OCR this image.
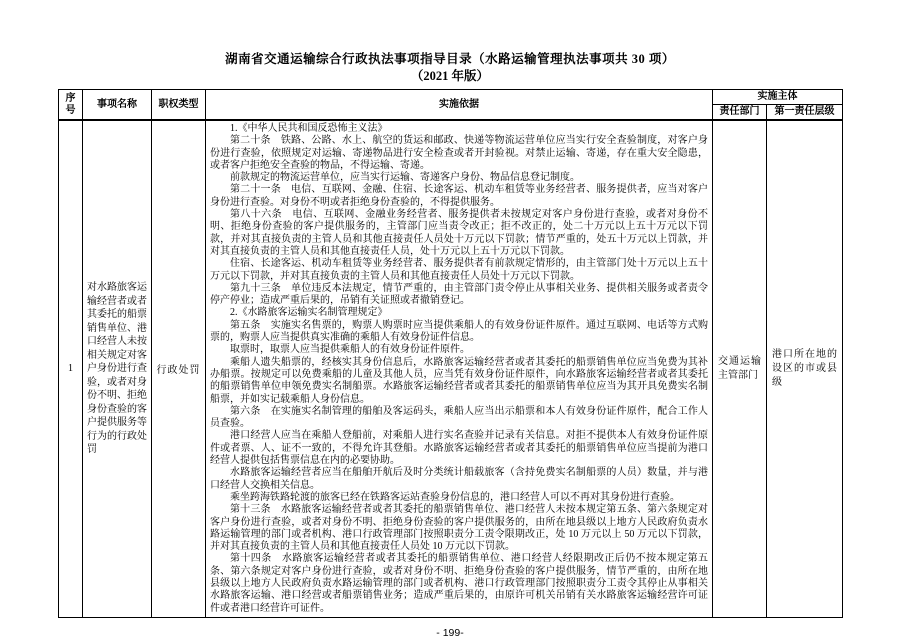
湖南省交通运输综合行政执法事项指导目录（水路运输管理执法事项共 30 项）
（2021 年版）
序号	事项名称	职权类型	实施依据	实施主体	
				责任部门	第一责任层级
1	对水路旅客运输经营者或者其委托的船票销售单位、港口经营人未按相关规定对客户身份进行查验，或者对身份不明、拒绝身份查验的客户提供服务等行为的行政处罚	行政处罚	

1.《中华人民共和国反恐怖主义法》

第二十条　铁路、公路、水上、航空的货运和邮政、快递等物流运营单位应当实行安全查验制度，对客户身份进行查验，依照规定对运输、寄递物品进行安全检查或者开封验视。对禁止运输、寄递，存在重大安全隐患，或者客户拒绝安全查验的物品，不得运输、寄递。

前款规定的物流运营单位，应当实行运输、寄递客户身份、物品信息登记制度。

第二十一条　电信、互联网、金融、住宿、长途客运、机动车租赁等业务经营者、服务提供者，应当对客户身份进行查验。对身份不明或者拒绝身份查验的，不得提供服务。

第八十六条　电信、互联网、金融业务经营者、服务提供者未按规定对客户身份进行查验，或者对身份不明、拒绝身份查验的客户提供服务的，主管部门应当责令改正；拒不改正的，处二十万元以上五十万元以下罚款，并对其直接负责的主管人员和其他直接责任人员处十万元以下罚款；情节严重的，处五十万元以上罚款，并对其直接负责的主管人员和其他直接责任人员，处十万元以上五十万元以下罚款。

住宿、长途客运、机动车租赁等业务经营者、服务提供者有前款规定情形的，由主管部门处十万元以上五十万元以下罚款，并对其直接负责的主管人员和其他直接责任人员处十万元以下罚款。

第九十三条　单位违反本法规定，情节严重的，由主管部门责令停止从事相关业务、提供相关服务或者责令停产停业；造成严重后果的，吊销有关证照或者撤销登记。

2.《水路旅客运输实名制管理规定》

第五条　实施实名售票的，购票人购票时应当提供乘船人的有效身份证件原件。通过互联网、电话等方式购票的，购票人应当提供真实准确的乘船人有效身份证件信息。

取票时，取票人应当提供乘船人的有效身份证件原件。

乘船人遗失船票的，经核实其身份信息后，水路旅客运输经营者或者其委托的船票销售单位应当免费为其补办船票。按规定可以免费乘船的儿童及其他人员，应当凭有效身份证件原件，向水路旅客运输经营者或者其委托的船票销售单位申领免费实名制船票。水路旅客运输经营者或者其委托的船票销售单位应当为其开具免费实名制船票，并如实记载乘船人身份信息。

第六条　在实施实名制管理的船舶及客运码头，乘船人应当出示船票和本人有效身份证件原件，配合工作人员查验。

港口经营人应当在乘船人登船前，对乘船人进行实名查验并记录有关信息。对拒不提供本人有效身份证件原件或者票、人、证不一致的，不得允许其登船。水路旅客运输经营者或者其委托的船票销售单位应当提前为港口经营人提供包括售票信息在内的必要协助。

水路旅客运输经营者应当在船舶开航后及时分类统计船载旅客（含持免费实名制船票的人员）数量，并与港口经营人交换相关信息。

乘坐跨海铁路轮渡的旅客已经在铁路客运站查验身份信息的，港口经营人可以不再对其身份进行查验。

第十三条　水路旅客运输经营者或者其委托的船票销售单位、港口经营人未按本规定第五条、第六条规定对客户身份进行查验，或者对身份不明、拒绝身份查验的客户提供服务的，由所在地县级以上地方人民政府负责水路运输管理的部门或者机构、港口行政管理部门按照职责分工责令限期改正，处 10 万元以上 50 万元以下罚款，并对其直接负责的主管人员和其他直接责任人员处 10 万元以下罚款。

第十四条　水路旅客运输经营者或者其委托的船票销售单位、港口经营人经限期改正后仍不按本规定第五条、第六条规定对客户身份进行查验，或者对身份不明、拒绝身份查验的客户提供服务，情节严重的，由所在地县级以上地方人民政府负责水路运输管理的部门或者机构、港口行政管理部门按照职责分工责令其停止从事相关水路旅客运输、港口经营或者船票销售业务；造成严重后果的，由原许可机关吊销有关水路旅客运输经营许可证件或者港口经营许可证件。

	交通运输主管部门	港口所在地的设区的市或县级
- 199-
